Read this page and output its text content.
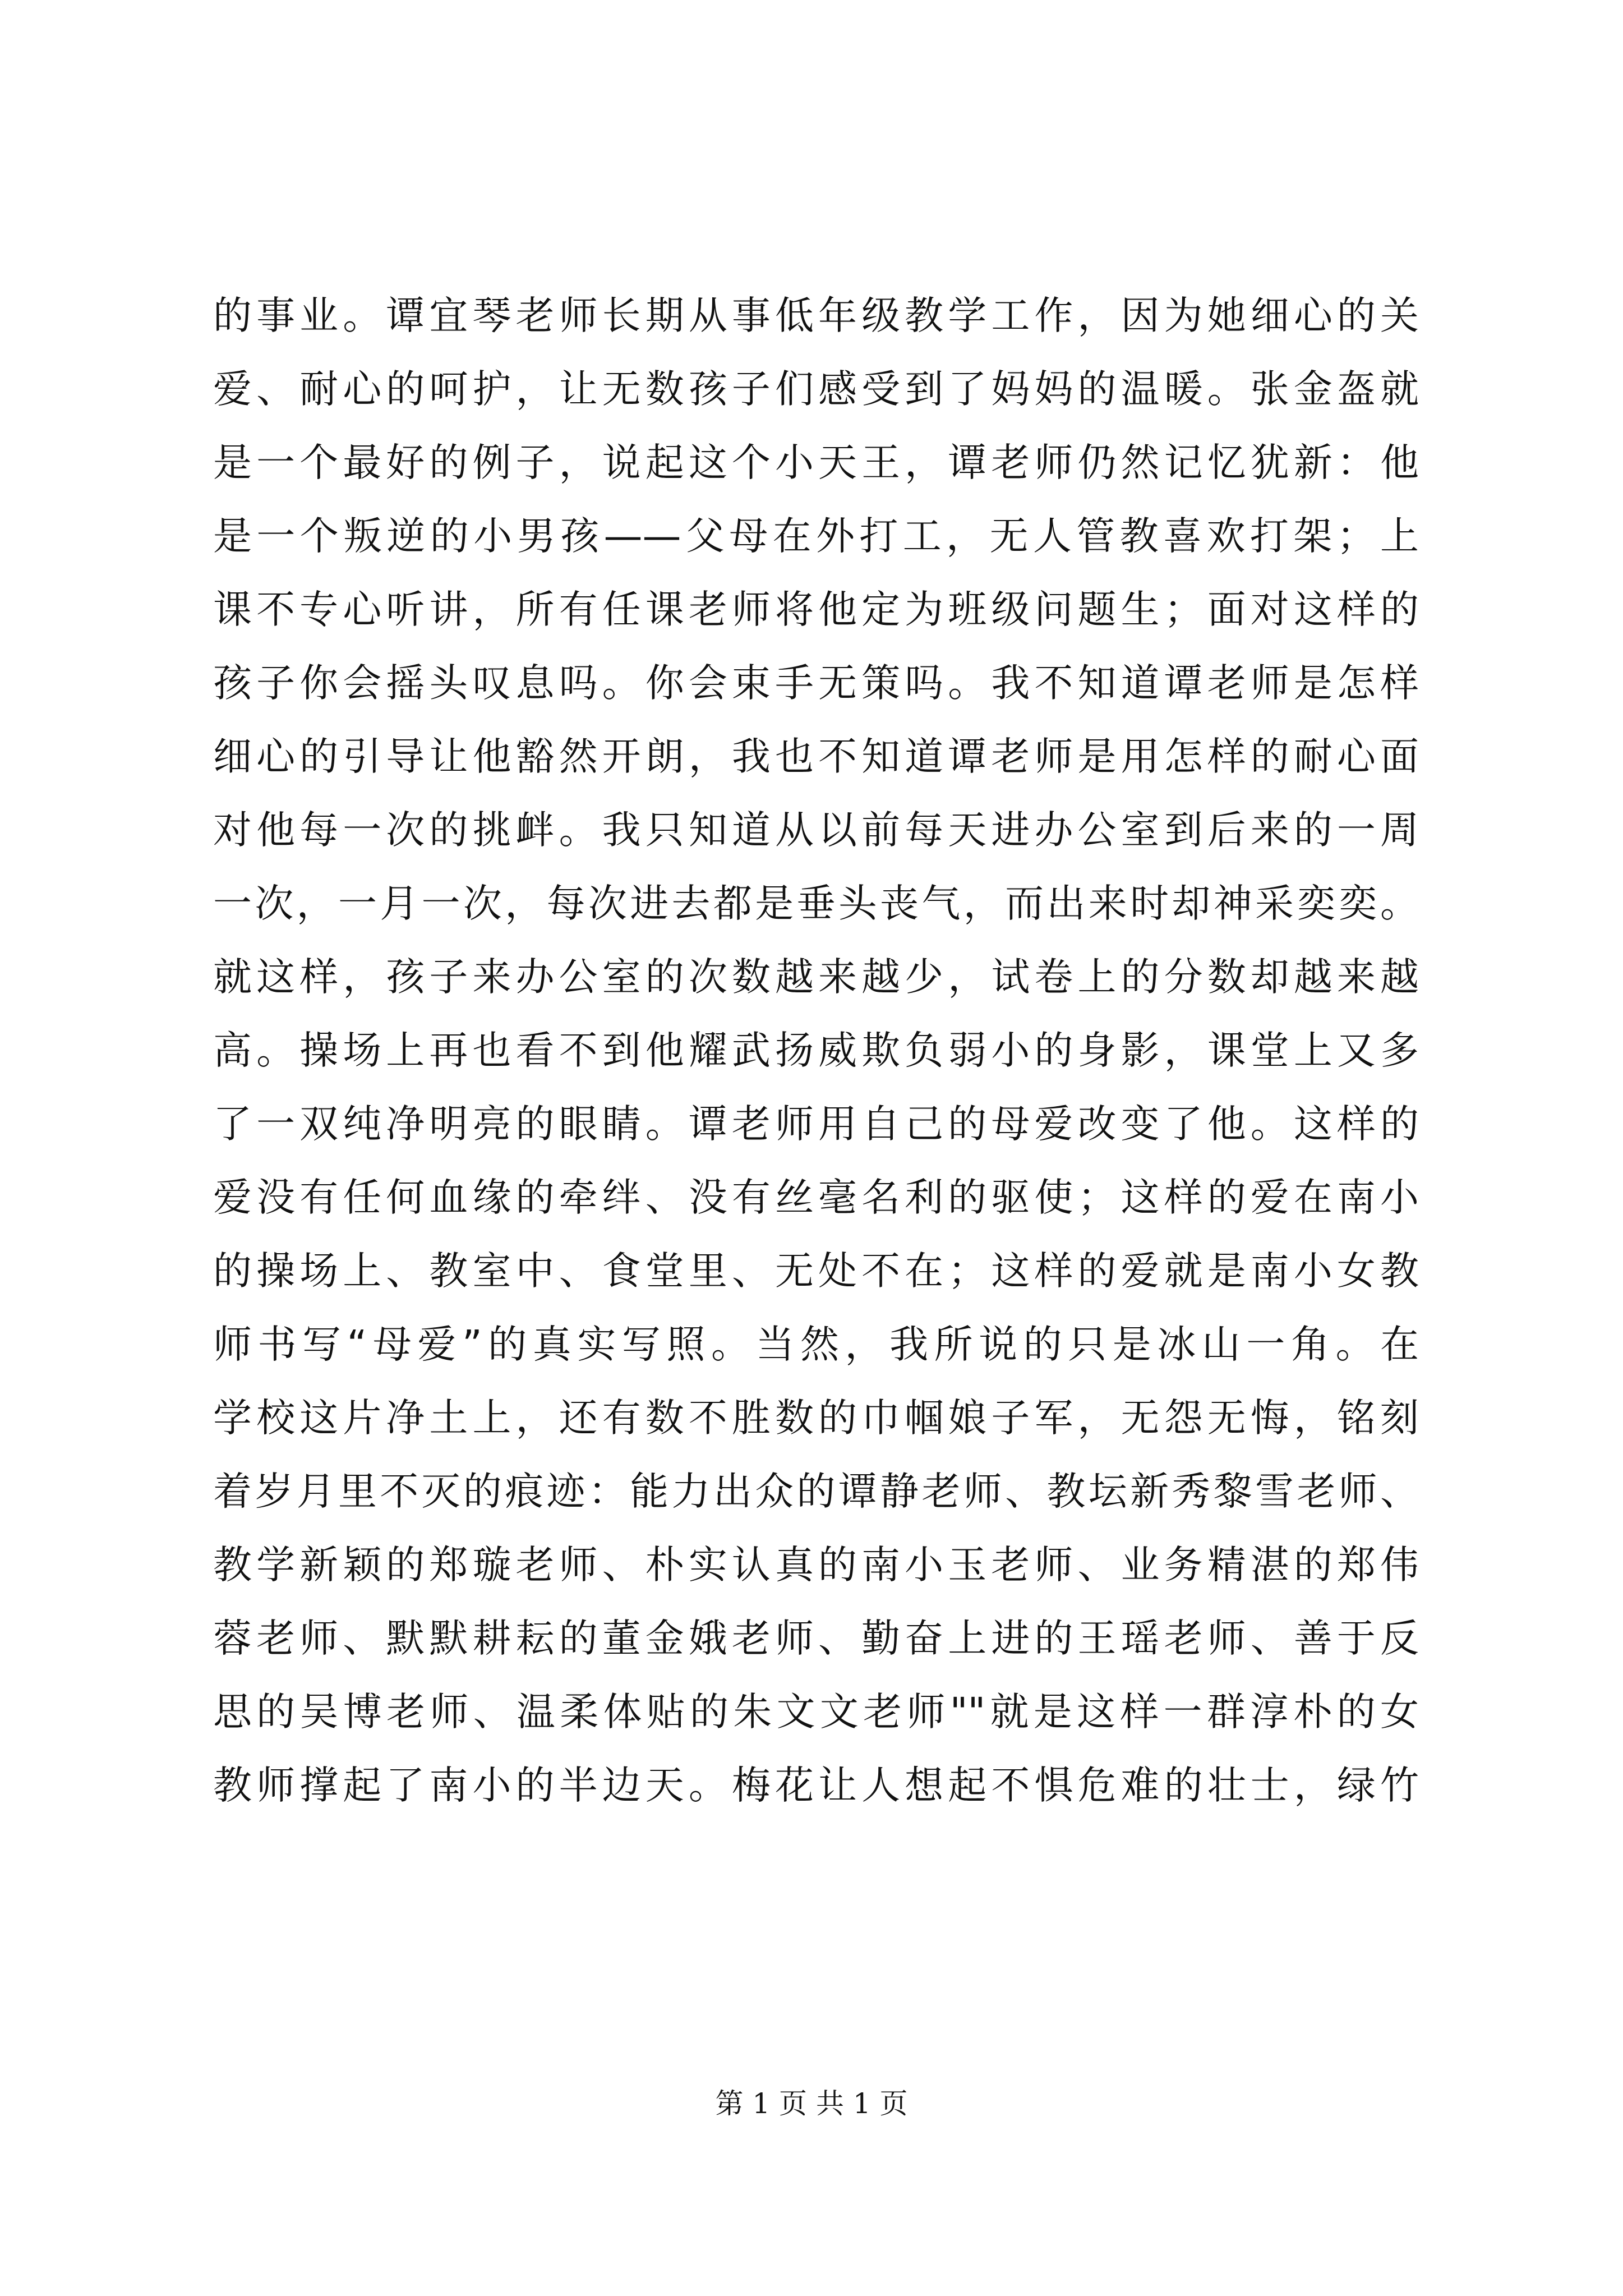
的事业。谭宜琴老师长期从事低年级教学工作，因为她细心的关
爱、耐心的呵护，让无数孩子们感受到了妈妈的温暖。张金盔就
是一个最好的例子，说起这个小天王，谭老师仍然记忆犹新：他
是一个叛逆的小男孩——父母在外打工，无人管教喜欢打架；上
课不专心听讲，所有任课老师将他定为班级问题生；面对这样的
孩子你会摇头叹息吗。你会束手无策吗。我不知道谭老师是怎样
细心的引导让他豁然开朗，我也不知道谭老师是用怎样的耐心面
对他每一次的挑衅。我只知道从以前每天进办公室到后来的一周
一次，一月一次，每次进去都是垂头丧气，而出来时却神采奕奕。
就这样，孩子来办公室的次数越来越少，试卷上的分数却越来越
高。操场上再也看不到他耀武扬威欺负弱小的身影，课堂上又多
了一双纯净明亮的眼睛。谭老师用自己的母爱改变了他。这样的
爱没有任何血缘的牵绊、没有丝毫名利的驱使；这样的爱在南小
的操场上、教室中、食堂里、无处不在；这样的爱就是南小女教
师书写“母爱”的真实写照。当然，我所说的只是冰山一角。在
学校这片净土上，还有数不胜数的巾帼娘子军，无怨无悔，铭刻
着岁月里不灭的痕迹：能力出众的谭静老师、教坛新秀黎雪老师、
教学新颖的郑璇老师、朴实认真的南小玉老师、业务精湛的郑伟
蓉老师、默默耕耘的董金娥老师、勤奋上进的王瑶老师、善于反
思的吴博老师、温柔体贴的朱文文老师""就是这样一群淳朴的女
教师撑起了南小的半边天。梅花让人想起不惧危难的壮士，绿竹
第 1 页 共 1 页
